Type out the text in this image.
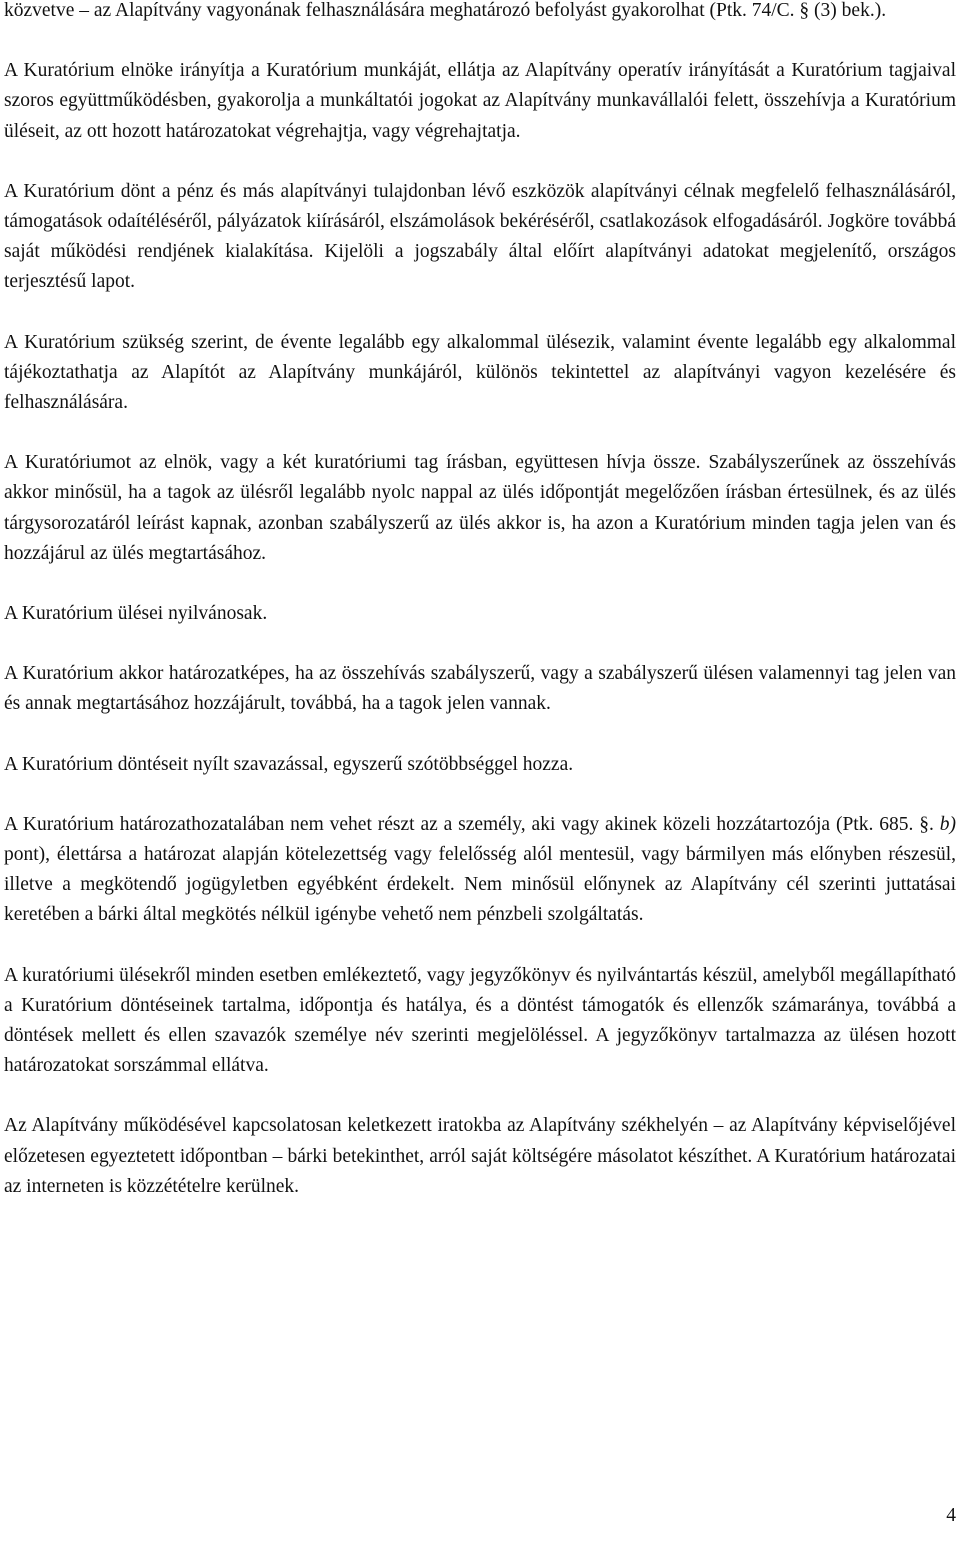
közvetve – az Alapítvány vagyonának felhasználására meghatározó befolyást gyakorolhat (Ptk. 74/C. § (3) bek.).

A Kuratórium elnöke irányítja a Kuratórium munkáját, ellátja az Alapítvány operatív irányítását a Kuratórium tagjaival szoros együttműködésben, gyakorolja a munkáltatói jogokat az Alapítvány munkavállalói felett, összehívja a Kuratórium üléseit, az ott hozott határozatokat végrehajtja, vagy végrehajtatja.

A Kuratórium dönt a pénz és más alapítványi tulajdonban lévő eszközök alapítványi célnak megfelelő felhasználásáról, támogatások odaítéléséről, pályázatok kiírásáról, elszámolások bekéréséről, csatlakozások elfogadásáról. Jogköre továbbá saját működési rendjének kialakítása. Kijelöli a jogszabály által előírt alapítványi adatokat megjelenítő, országos terjesztésű lapot.

A Kuratórium szükség szerint, de évente legalább egy alkalommal ülésezik, valamint évente legalább egy alkalommal tájékoztathatja az Alapítót az Alapítvány munkájáról, különös tekintettel az alapítványi vagyon kezelésére és felhasználására.

A Kuratóriumot az elnök, vagy a két kuratóriumi tag írásban, együttesen hívja össze. Szabályszerűnek az összehívás akkor minősül, ha a tagok az ülésről legalább nyolc nappal az ülés időpontját megelőzően írásban értesülnek, és az ülés tárgysorozatáról leírást kapnak, azonban szabályszerű az ülés akkor is, ha azon a Kuratórium minden tagja jelen van és hozzájárul az ülés megtartásához.

A Kuratórium ülései nyilvánosak.

A Kuratórium akkor határozatképes, ha az összehívás szabályszerű, vagy a szabályszerű ülésen valamennyi tag jelen van és annak megtartásához hozzájárult, továbbá, ha a tagok jelen vannak.

A Kuratórium döntéseit nyílt szavazással, egyszerű szótöbbséggel hozza.

A Kuratórium határozathozatalában nem vehet részt az a személy, aki vagy akinek közeli hozzátartozója (Ptk. 685. §. b) pont), élettársa a határozat alapján kötelezettség vagy felelősség alól mentesül, vagy bármilyen más előnyben részesül, illetve a megkötendő jogügyletben egyébként érdekelt. Nem minősül előnynek az Alapítvány cél szerinti juttatásai keretében a bárki által megkötés nélkül igénybe vehető nem pénzbeli szolgáltatás.

A kuratóriumi ülésekről minden esetben emlékeztető, vagy jegyzőkönyv és nyilvántartás készül, amelyből megállapítható a Kuratórium döntéseinek tartalma, időpontja és hatálya, és a döntést támogatók és ellenzők számaránya, továbbá a döntések mellett és ellen szavazók személye név szerinti megjelöléssel. A jegyzőkönyv tartalmazza az ülésen hozott határozatokat sorszámmal ellátva.

Az Alapítvány működésével kapcsolatosan keletkezett iratokba az Alapítvány székhelyén – az Alapítvány képviselőjével előzetesen egyeztetett időpontban – bárki betekinthet, arról saját költségére másolatot készíthet. A Kuratórium határozatai az interneten is közzétételre kerülnek.

4
